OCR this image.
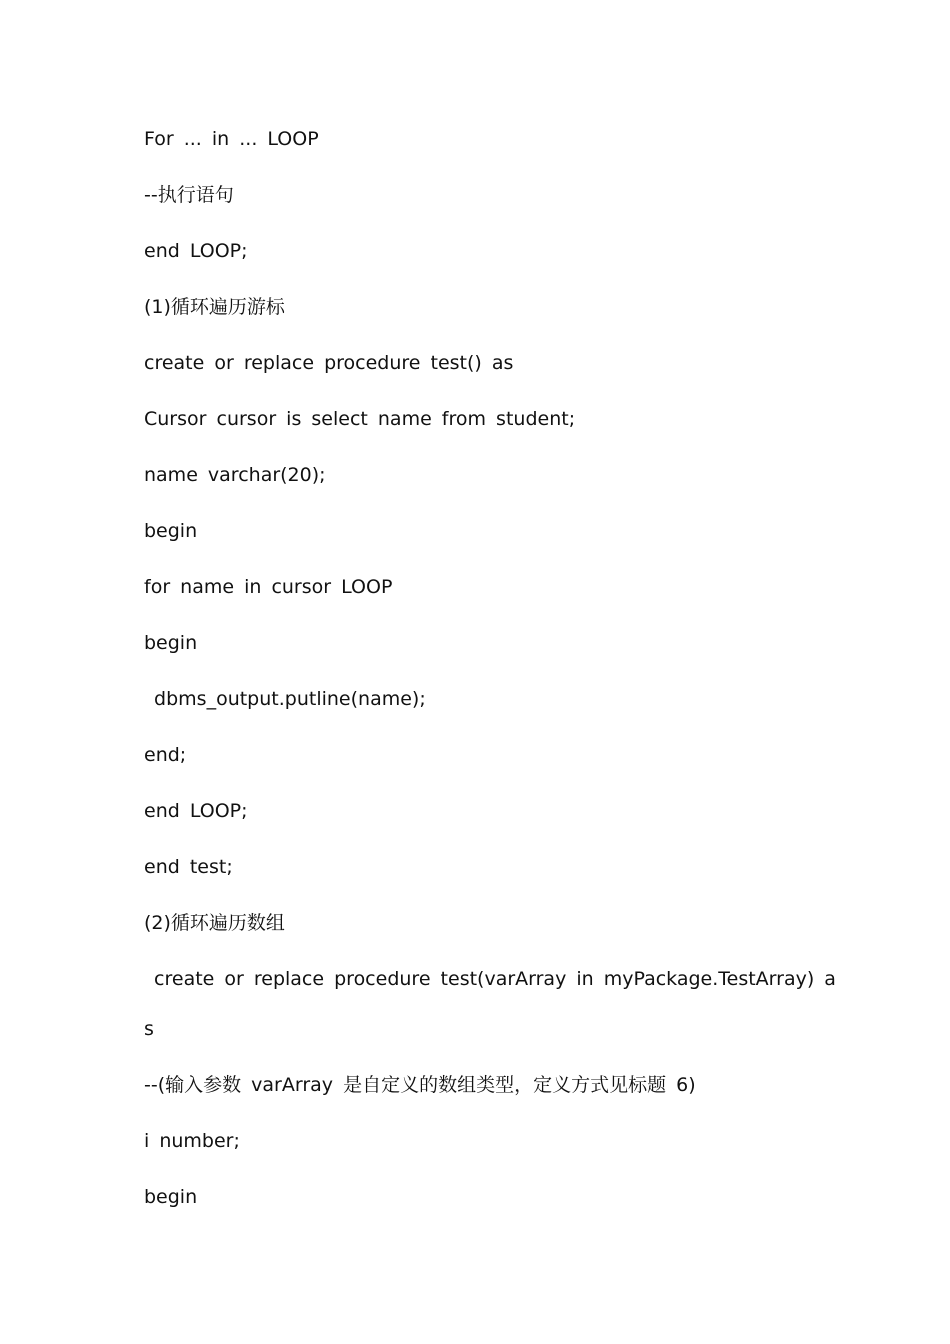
For ... in ... LOOP
--执行语句
end LOOP;
(1)循环遍历游标
create or replace procedure test() as
Cursor cursor is select name from student;
name varchar(20);
begin
for name in cursor LOOP
begin
dbms_output.putline(name);
end;
end LOOP;
end test;
(2)循环遍历数组
create or replace procedure test(varArray in myPackage.TestArray) a
s
--(输入参数 varArray 是自定义的数组类型，定义方式见标题 6)
i number;
begin
